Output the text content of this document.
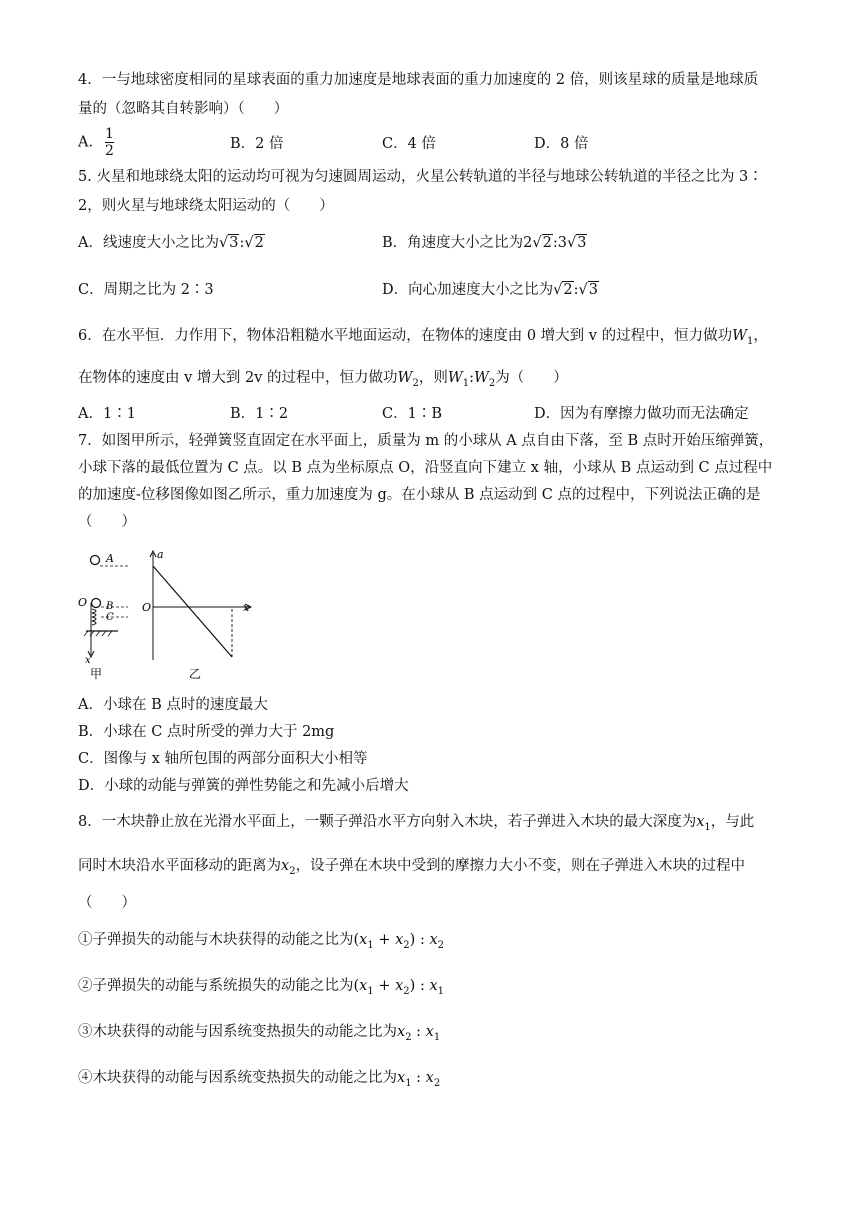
4．一与地球密度相同的星球表面的重力加速度是地球表面的重力加速度的 2 倍，则该星球的质量是地球质
量的（忽略其自转影响）（　　）
A． $\frac{1}{2}$	B．2 倍	C．4 倍	D．8 倍
5. 火星和地球绕太阳的运动均可视为匀速圆周运动，火星公转轨道的半径与地球公转轨道的半径之比为 3∶
2，则火星与地球绕太阳运动的（　　）
A．线速度大小之比为√3:√2	B．角速度大小之比为2√2:3√3
C．周期之比为 2∶3	D．向心加速度大小之比为√2:√3
6．在水平恒．力作用下，物体沿粗糙水平地面运动，在物体的速度由 0 增大到 v 的过程中，恒力做功$W_1$，
在物体的速度由 v 增大到 2v 的过程中，恒力做功$W_2$，则$W_1:W_2$为（　　）
A．1∶1	B．1∶2	C．1∶B	D．因为有摩擦力做功而无法确定
7．如图甲所示，轻弹簧竖直固定在水平面上，质量为 m 的小球从 A 点自由下落，至 B 点时开始压缩弹簧，
小球下落的最低位置为 C 点。以 B 点为坐标原点 O，沿竖直向下建立 x 轴，小球从 B 点运动到 C 点过程中
的加速度-位移图像如图乙所示，重力加速度为 g。在小球从 B 点运动到 C 点的过程中，下列说法正确的是
（　　）
A
O B
C
x
甲
a
O	x
乙
A．小球在 B 点时的速度最大
B．小球在 C 点时所受的弹力大于 2mg
C．图像与 x 轴所包围的两部分面积大小相等
D．小球的动能与弹簧的弹性势能之和先减小后增大
8．一木块静止放在光滑水平面上，一颗子弹沿水平方向射入木块，若子弹进入木块的最大深度为$x_1$，与此
同时木块沿水平面移动的距离为$x_2$，设子弹在木块中受到的摩擦力大小不变，则在子弹进入木块的过程中
（　　）
①子弹损失的动能与木块获得的动能之比为$(x_1 + x_2)$ : $x_2$
②子弹损失的动能与系统损失的动能之比为$(x_1 + x_2)$ : $x_1$
③木块获得的动能与因系统变热损失的动能之比为$x_2$ : $x_1$
④木块获得的动能与因系统变热损失的动能之比为$x_1$ : $x_2$
